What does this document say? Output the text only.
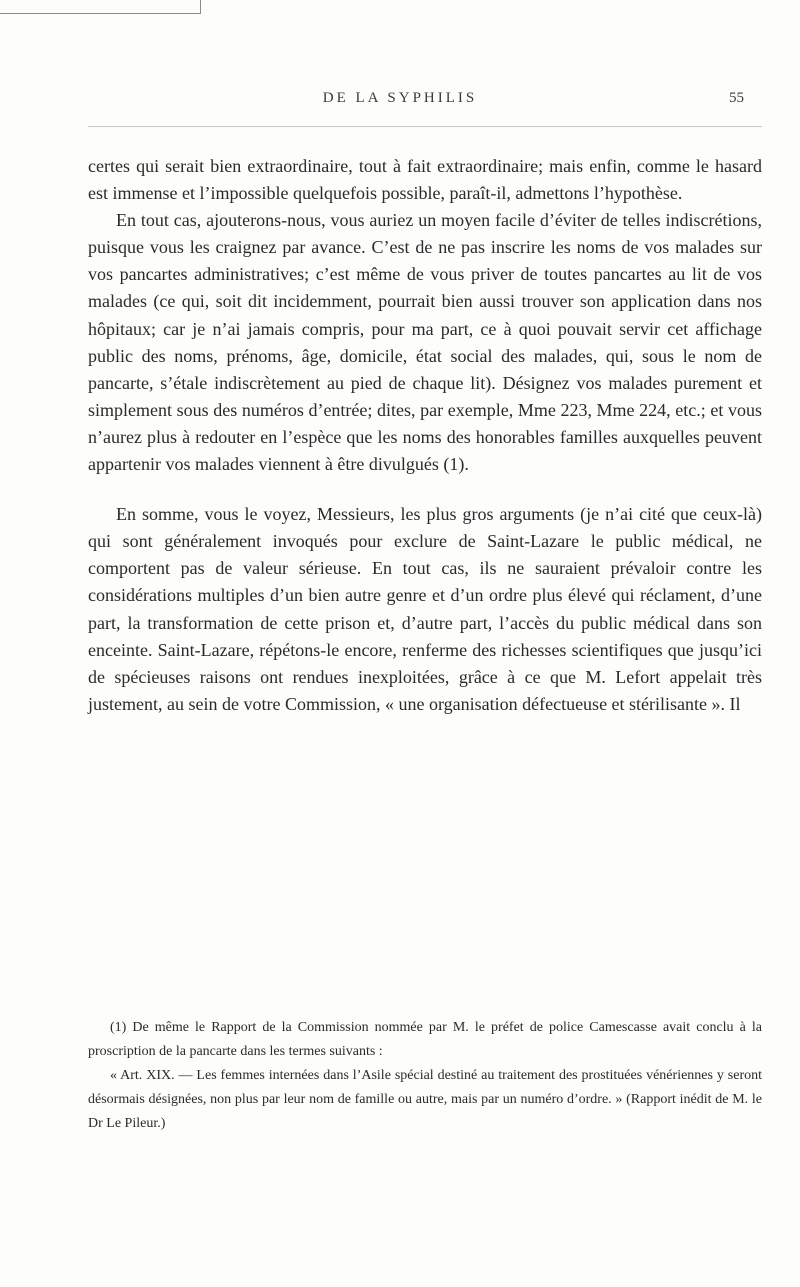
DE LA SYPHILIS	55

certes qui serait bien extraordinaire, tout à fait extraordinaire; mais enfin, comme le hasard est immense et l’impossible quelquefois possible, paraît-il, admettons l’hypothèse.

En tout cas, ajouterons-nous, vous auriez un moyen facile d’éviter de telles indiscrétions, puisque vous les craignez par avance. C’est de ne pas inscrire les noms de vos malades sur vos pancartes administratives; c’est même de vous priver de toutes pancartes au lit de vos malades (ce qui, soit dit incidemment, pourrait bien aussi trouver son application dans nos hôpitaux; car je n’ai jamais compris, pour ma part, ce à quoi pouvait servir cet affichage public des noms, prénoms, âge, domicile, état social des malades, qui, sous le nom de pancarte, s’étale indiscrètement au pied de chaque lit). Désignez vos malades purement et simplement sous des numéros d’entrée; dites, par exemple, Mme 223, Mme 224, etc.; et vous n’aurez plus à redouter en l’espèce que les noms des honorables familles auxquelles peuvent appartenir vos malades viennent à être divulgués (1).

En somme, vous le voyez, Messieurs, les plus gros arguments (je n’ai cité que ceux-là) qui sont généralement invoqués pour exclure de Saint-Lazare le public médical, ne comportent pas de valeur sérieuse. En tout cas, ils ne sauraient prévaloir contre les considérations multiples d’un bien autre genre et d’un ordre plus élevé qui réclament, d’une part, la transformation de cette prison et, d’autre part, l’accès du public médical dans son enceinte. Saint-Lazare, répétons-le encore, renferme des richesses scientifiques que jusqu’ici de spécieuses raisons ont rendues inexploitées, grâce à ce que M. Lefort appelait très justement, au sein de votre Commission, « une organisation défectueuse et stérilisante ». Il

(1) De même le Rapport de la Commission nommée par M. le préfet de police Camescasse avait conclu à la proscription de la pancarte dans les termes suivants :

« Art. XIX. — Les femmes internées dans l’Asile spécial destiné au traitement des prostituées vénériennes y seront désormais désignées, non plus par leur nom de famille ou autre, mais par un numéro d’ordre. » (Rapport inédit de M. le Dr Le Pileur.)
